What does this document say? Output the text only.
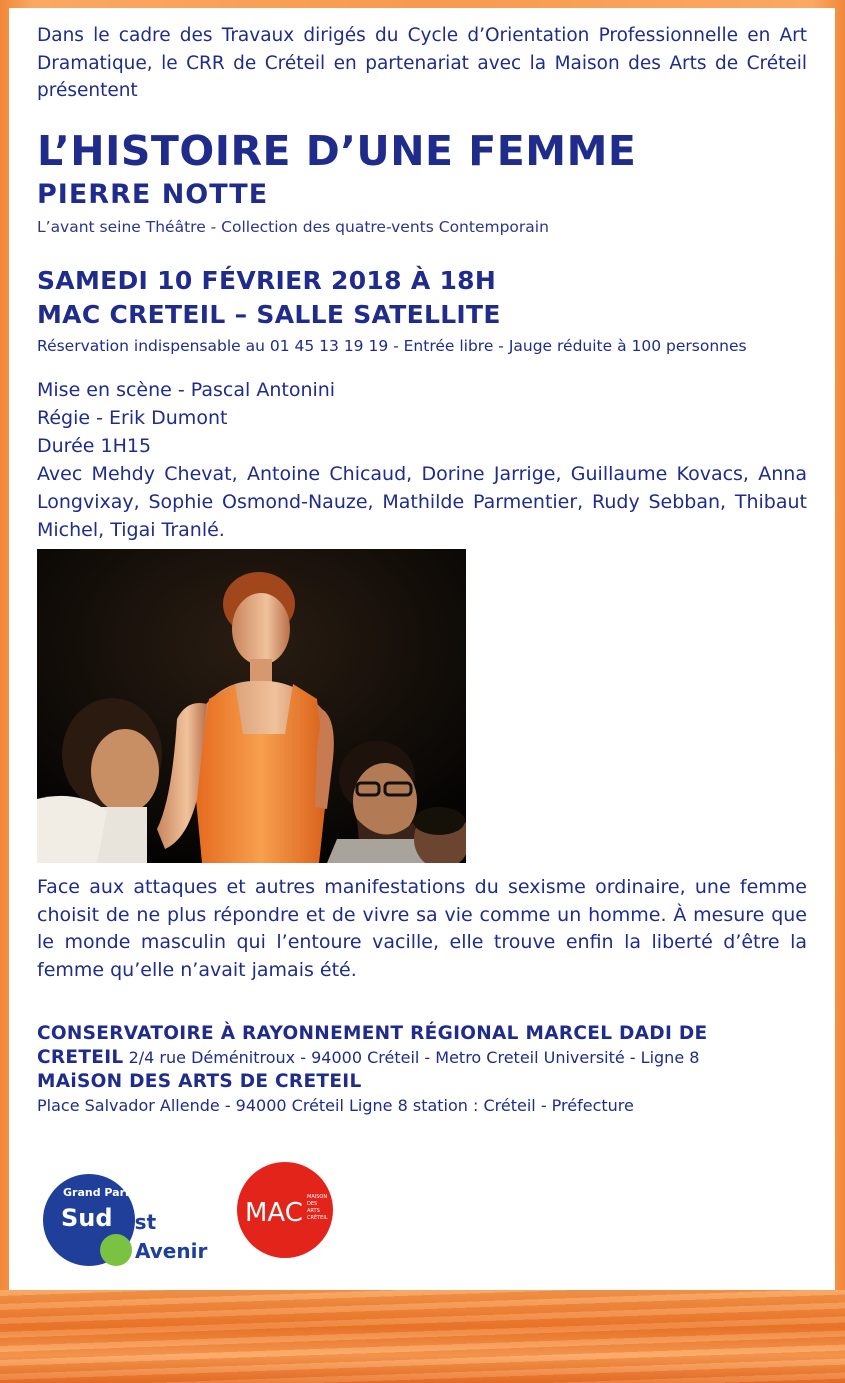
Dans le cadre des Travaux dirigés du Cycle d’Orientation Professionnelle en Art Dramatique, le CRR de Créteil en partenariat avec la Maison des Arts de Créteil présentent
L’HISTOIRE D’UNE FEMME
PIERRE NOTTE
L’avant seine Théâtre - Collection des quatre-vents Contemporain
SAMEDI 10 FÉVRIER 2018 À 18H
MAC CRETEIL – SALLE SATELLITE
Réservation indispensable au 01 45 13 19 19 - Entrée libre - Jauge réduite à 100 personnes
Mise en scène - Pascal Antonini
Régie - Erik Dumont
Durée 1H15
Avec Mehdy Chevat, Antoine Chicaud, Dorine Jarrige, Guillaume Kovacs, Anna Longvixay, Sophie Osmond-Nauze, Mathilde Parmentier, Rudy Sebban, Thibaut Michel, Tigai Tranlé.
Face aux attaques et autres manifestations du sexisme ordinaire, une femme choisit de ne plus répondre et de vivre sa vie comme un homme. À mesure que le monde masculin qui l’entoure vacille, elle trouve enfin la liberté d’être la femme qu’elle n’avait jamais été.
CONSERVATOIRE À RAYONNEMENT RÉGIONAL MARCEL DADI DE
CRETEIL 2/4 rue Déménitroux - 94000 Créteil - Metro Creteil Université - Ligne 8
MAiSON DES ARTS DE CRETEIL
Place Salvador Allende - 94000 Créteil Ligne 8 station : Créteil - Préfecture
Grand Paris
Sud Est
Avenir
MAC
MAISON
DES
ARTS
CRÉTEIL
